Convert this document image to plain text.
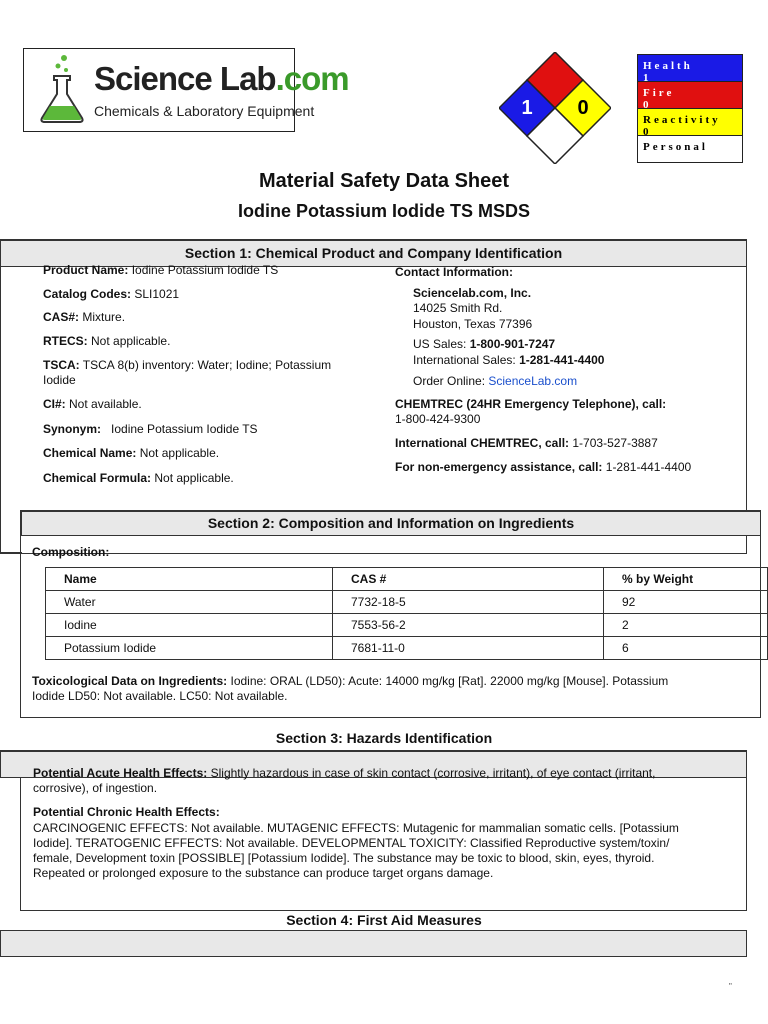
Science Lab.com
Chemicals & Laboratory Equipment	1 0
Health
1
Fire
0
Reactivity
0
Personal
Material Safety Data Sheet
Iodine Potassium Iodide TS MSDS
Section 1: Chemical Product and Company Identification
Product Name: Iodine Potassium Iodide TS
Catalog Codes: SLI1021
CAS#: Mixture.
RTECS: Not applicable.
TSCA: TSCA 8(b) inventory: Water; Iodine; Potassium
Iodide
CI#: Not available.
Synonym: Iodine Potassium Iodide TS
Chemical Name: Not applicable.
Chemical Formula: Not applicable.
Contact Information:
Sciencelab.com, Inc.
14025 Smith Rd.
Houston, Texas 77396
US Sales: 1-800-901-7247
International Sales: 1-281-441-4400
Order Online: ScienceLab.com
CHEMTREC (24HR Emergency Telephone), call:
1-800-424-9300
International CHEMTREC, call: 1-703-527-3887
For non-emergency assistance, call: 1-281-441-4400
Section 2: Composition and Information on Ingredients
Composition:
Name	CAS #	% by Weight
Water	7732-18-5	92
Iodine	7553-56-2	2
Potassium Iodide	7681-11-0	6
Toxicological Data on Ingredients: Iodine: ORAL (LD50): Acute: 14000 mg/kg [Rat]. 22000 mg/kg [Mouse]. Potassium
Iodide LD50: Not available. LC50: Not available.
Section 3: Hazards Identification
Potential Acute Health Effects: Slightly hazardous in case of skin contact (corrosive, irritant), of eye contact (irritant,
corrosive), of ingestion.
Potential Chronic Health Effects:
CARCINOGENIC EFFECTS: Not available. MUTAGENIC EFFECTS: Mutagenic for mammalian somatic cells. [Potassium
Iodide]. TERATOGENIC EFFECTS: Not available. DEVELOPMENTAL TOXICITY: Classified Reproductive system/toxin/
female, Development toxin [POSSIBLE] [Potassium Iodide]. The substance may be toxic to blood, skin, eyes, thyroid.
Repeated or prolonged exposure to the substance can produce target organs damage.
Section 4: First Aid Measures
"
